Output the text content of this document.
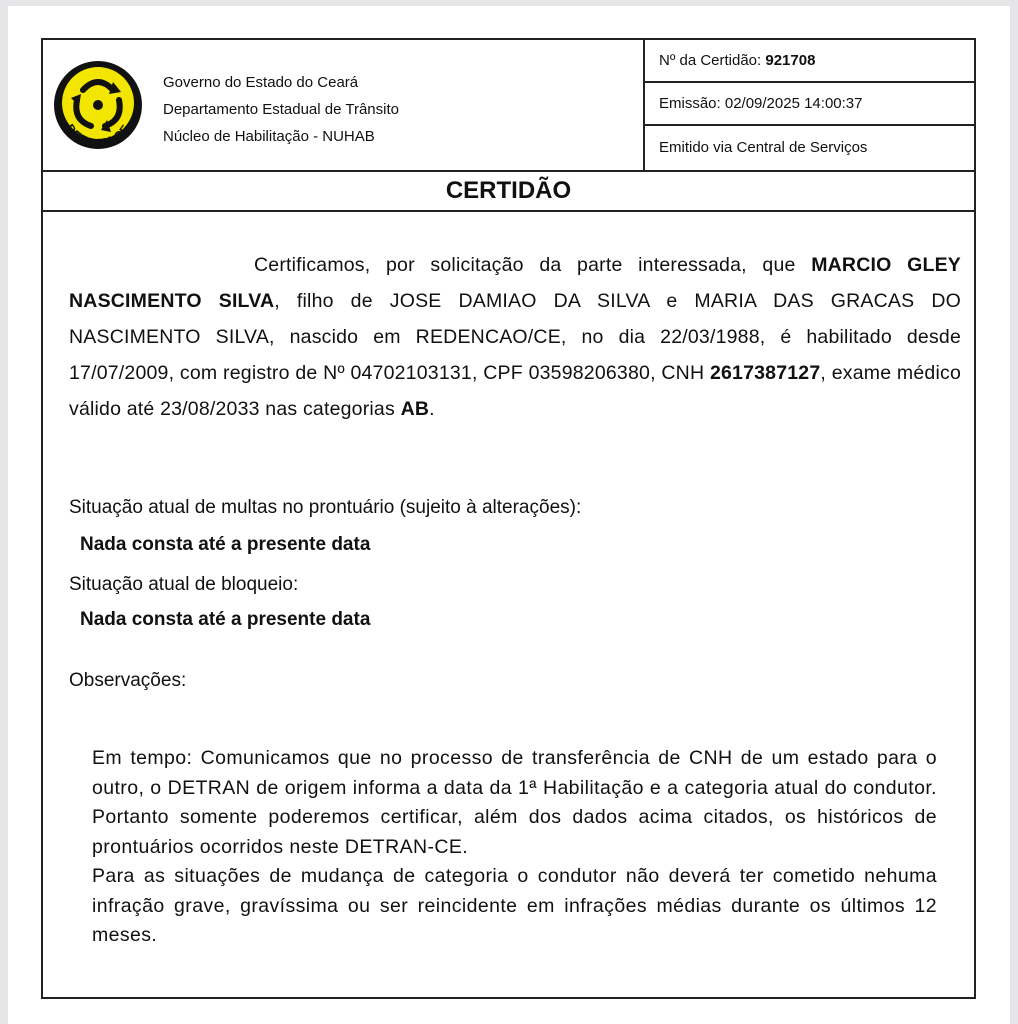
DETRAN CE
Governo do Estado do Ceará
Departamento Estadual de Trânsito
Núcleo de Habilitação - NUHAB
Nº da Certidão: 921708
Emissão: 02/09/2025 14:00:37
Emitido via Central de Serviços
CERTIDÃO
Certificamos, por solicitação da parte interessada, que MARCIO GLEY NASCIMENTO SILVA, filho de JOSE DAMIAO DA SILVA e MARIA DAS GRACAS DO NASCIMENTO SILVA, nascido em REDENCAO/CE, no dia 22/03/1988, é habilitado desde 17/07/2009, com registro de Nº 04702103131, CPF 03598206380, CNH 2617387127, exame médico válido até 23/08/2033 nas categorias AB.
Situação atual de multas no prontuário (sujeito à alterações):
Nada consta até a presente data
Situação atual de bloqueio:
Nada consta até a presente data
Observações:

Em tempo: Comunicamos que no processo de transferência de CNH de um estado para o outro, o DETRAN de origem informa a data da 1ª Habilitação e a categoria atual do condutor. Portanto somente poderemos certificar, além dos dados acima citados, os históricos de prontuários ocorridos neste DETRAN-CE.

Para as situações de mudança de categoria o condutor não deverá ter cometido nehuma infração grave, gravíssima ou ser reincidente em infrações médias durante os últimos 12 meses.
